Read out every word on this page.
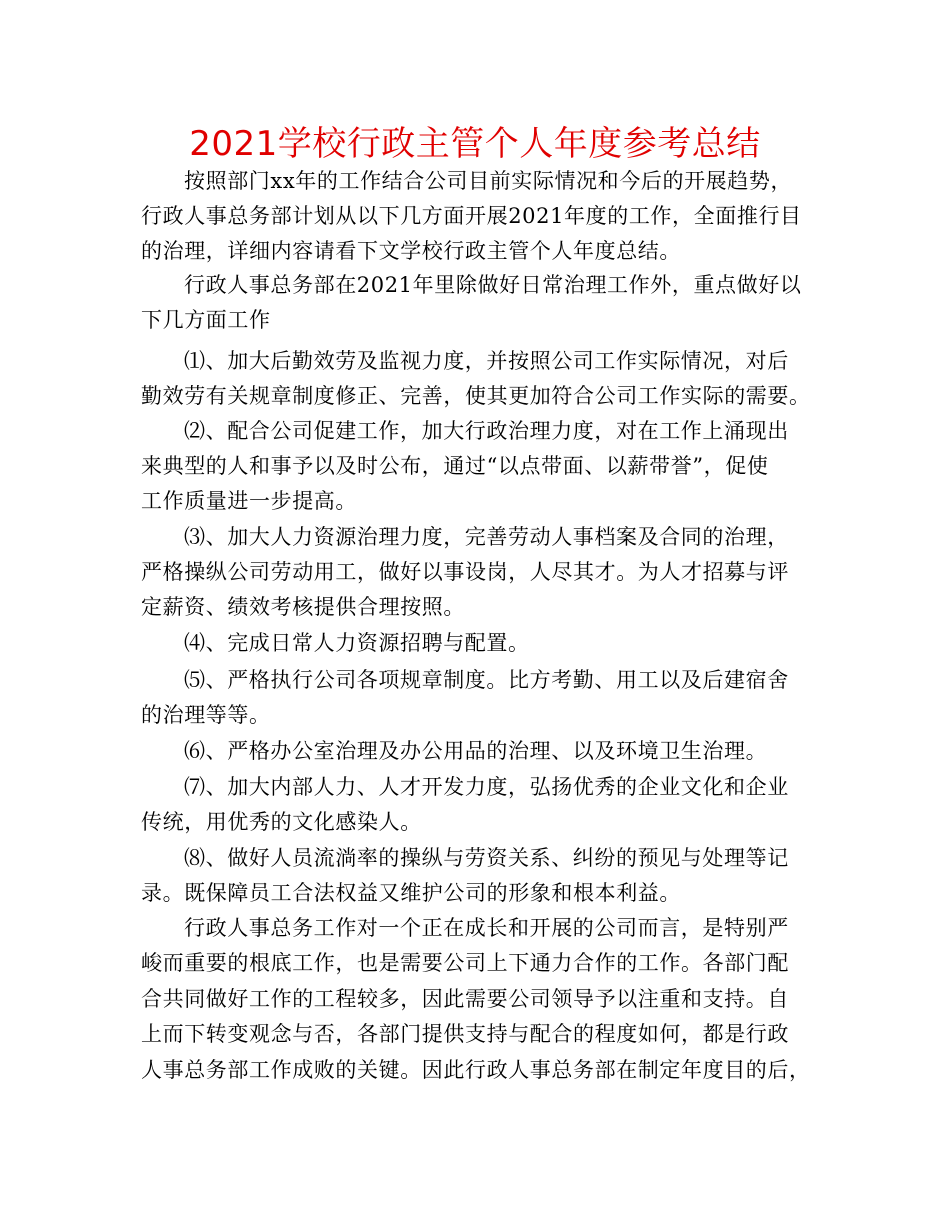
2021学校行政主管个人年度参考总结
按照部门xx年的工作结合公司目前实际情况和今后的开展趋势，
行政人事总务部计划从以下几方面开展2021年度的工作，全面推行目
的治理，详细内容请看下文学校行政主管个人年度总结。
行政人事总务部在2021年里除做好日常治理工作外，重点做好以
下几方面工作
⑴、加大后勤效劳及监视力度，并按照公司工作实际情况，对后
勤效劳有关规章制度修正、完善，使其更加符合公司工作实际的需要。
⑵、配合公司促建工作，加大行政治理力度，对在工作上涌现出
来典型的人和事予以及时公布，通过“以点带面、以薪带誉”，促使
工作质量进一步提高。
⑶、加大人力资源治理力度，完善劳动人事档案及合同的治理，
严格操纵公司劳动用工，做好以事设岗，人尽其才。为人才招募与评
定薪资、绩效考核提供合理按照。
⑷、完成日常人力资源招聘与配置。
⑸、严格执行公司各项规章制度。比方考勤、用工以及后建宿舍
的治理等等。
⑹、严格办公室治理及办公用品的治理、以及环境卫生治理。
⑺、加大内部人力、人才开发力度，弘扬优秀的企业文化和企业
传统，用优秀的文化感染人。
⑻、做好人员流淌率的操纵与劳资关系、纠纷的预见与处理等记
录。既保障员工合法权益又维护公司的形象和根本利益。
行政人事总务工作对一个正在成长和开展的公司而言，是特别严
峻而重要的根底工作，也是需要公司上下通力合作的工作。各部门配
合共同做好工作的工程较多，因此需要公司领导予以注重和支持。自
上而下转变观念与否，各部门提供支持与配合的程度如何，都是行政
人事总务部工作成败的关键。因此行政人事总务部在制定年度目的后，
